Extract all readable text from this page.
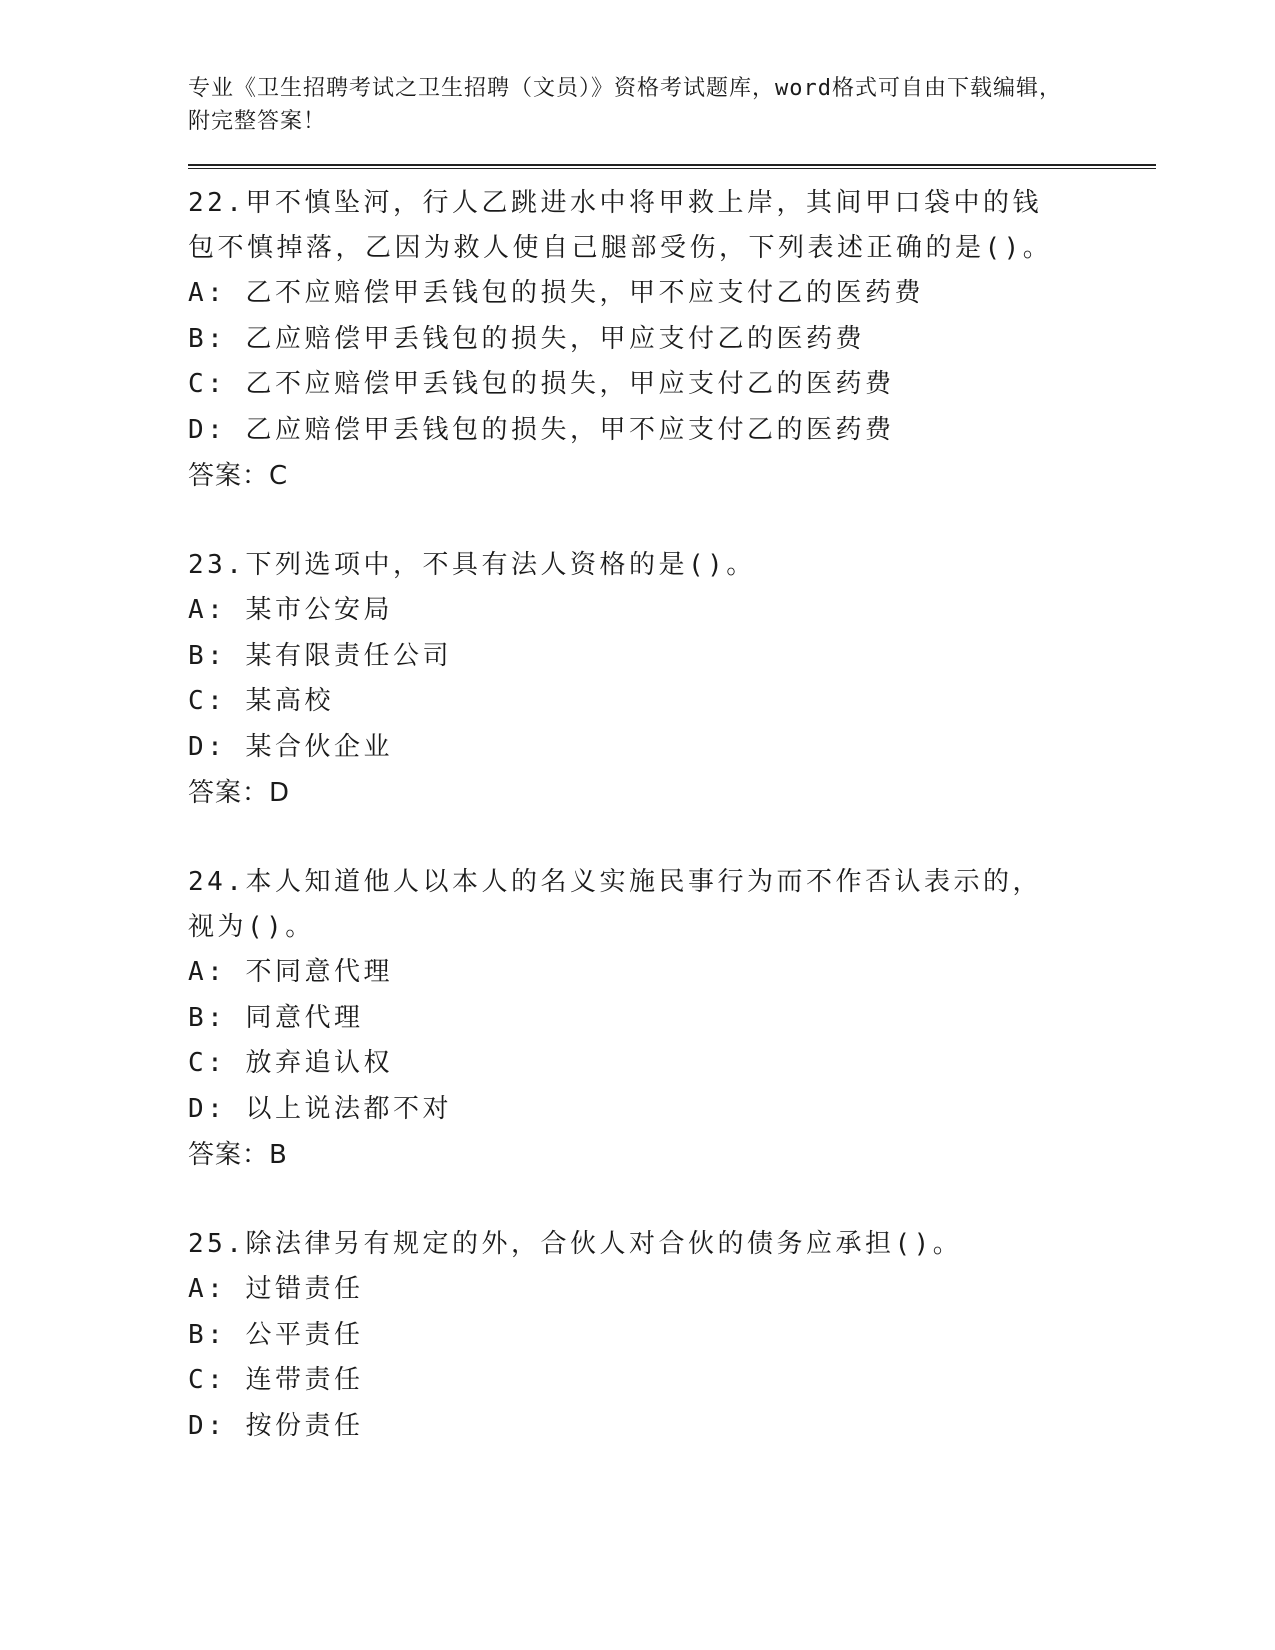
专业《卫生招聘考试之卫生招聘（文员）》资格考试题库，word格式可自由下载编辑，附完整答案！
22.甲不慎坠河，行人乙跳进水中将甲救上岸，其间甲口袋中的钱包不慎掉落，乙因为救人使自己腿部受伤，下列表述正确的是()。
A: 乙不应赔偿甲丢钱包的损失，甲不应支付乙的医药费
B: 乙应赔偿甲丢钱包的损失，甲应支付乙的医药费
C: 乙不应赔偿甲丢钱包的损失，甲应支付乙的医药费
D: 乙应赔偿甲丢钱包的损失，甲不应支付乙的医药费
答案：C
23.下列选项中，不具有法人资格的是()。
A: 某市公安局
B: 某有限责任公司
C: 某高校
D: 某合伙企业
答案：D
24.本人知道他人以本人的名义实施民事行为而不作否认表示的，视为()。
A: 不同意代理
B: 同意代理
C: 放弃追认权
D: 以上说法都不对
答案：B
25.除法律另有规定的外，合伙人对合伙的债务应承担()。
A: 过错责任
B: 公平责任
C: 连带责任
D: 按份责任
